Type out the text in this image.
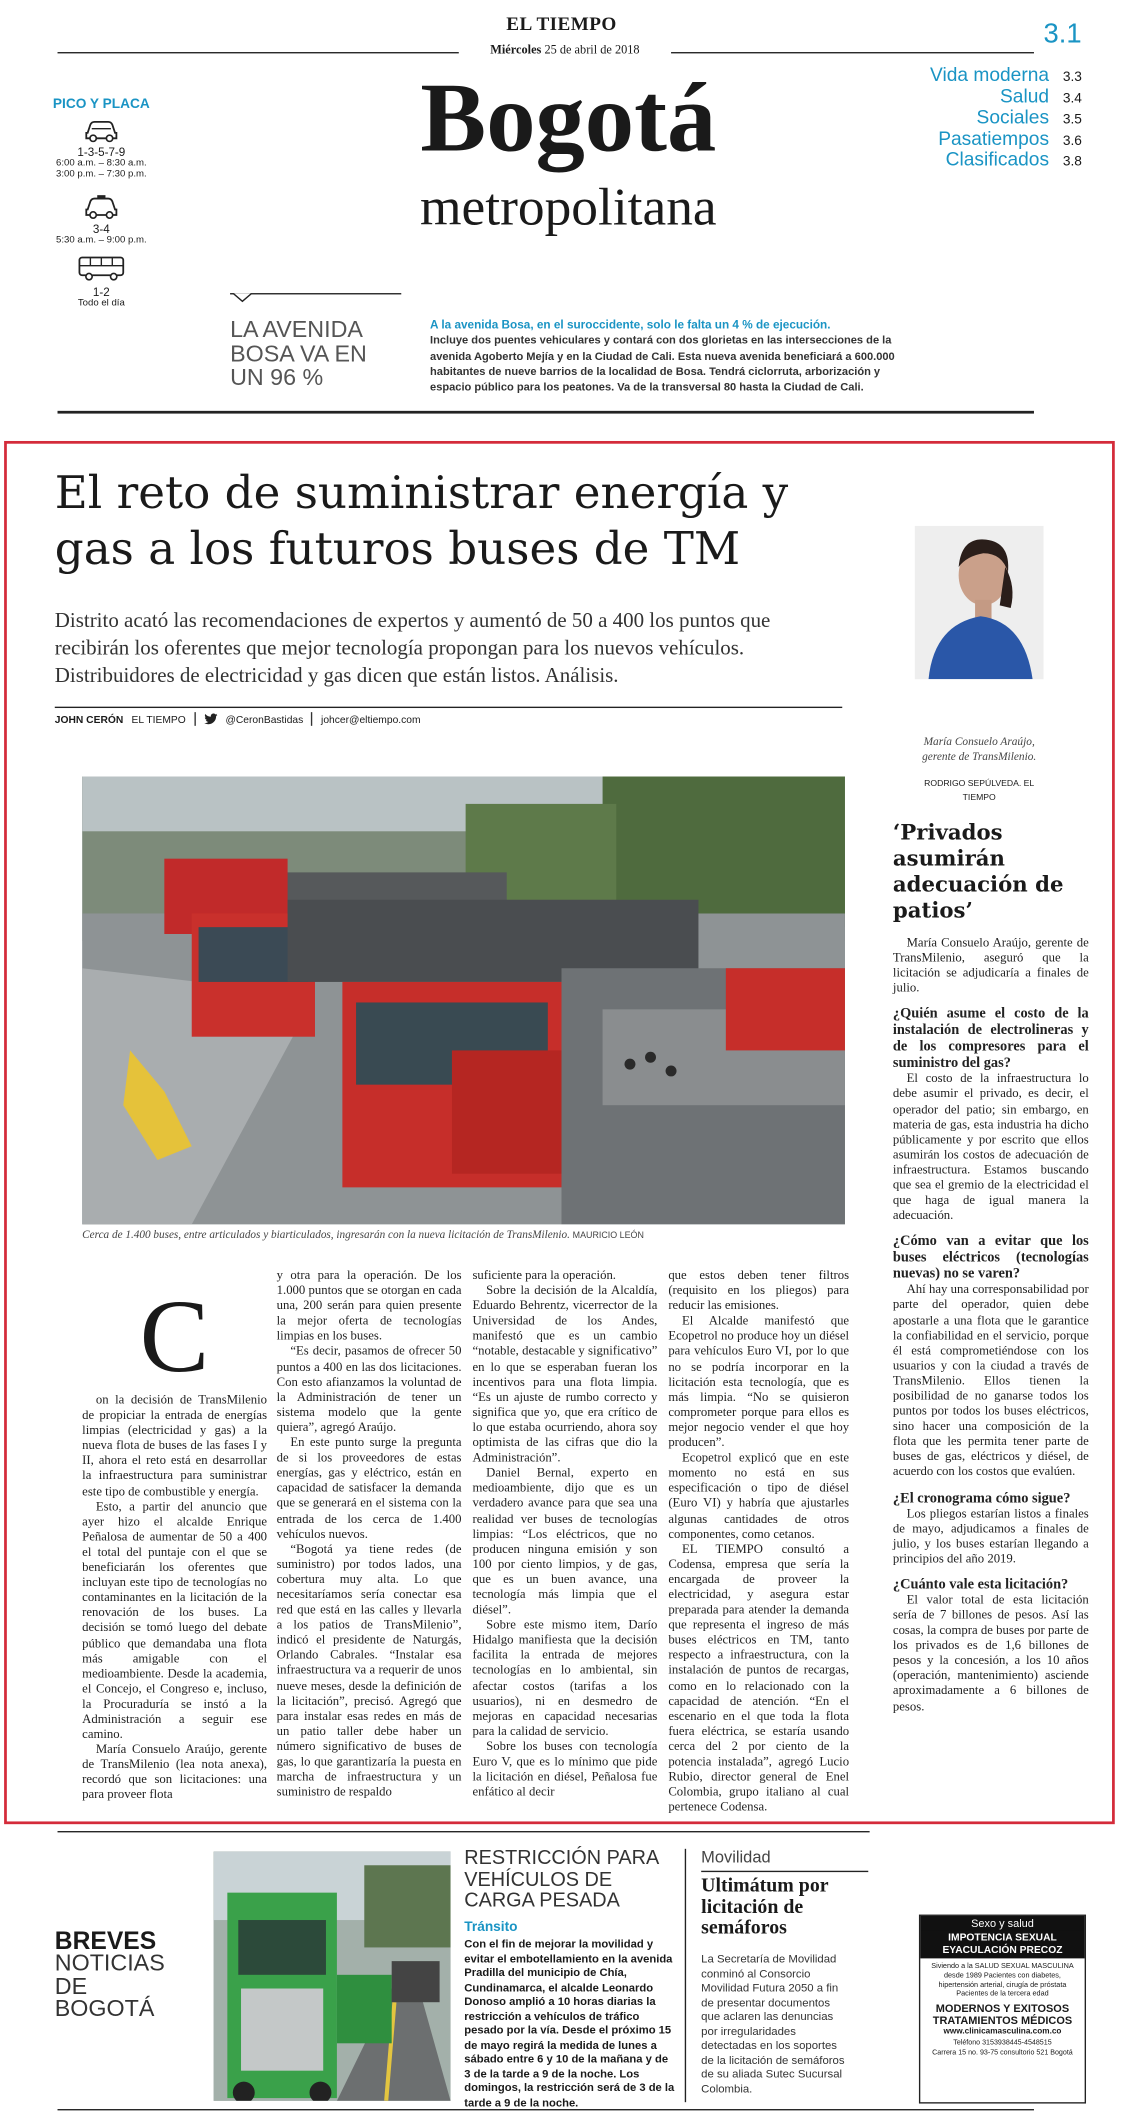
EL TIEMPO
Miércoles 25 de abril de 2018	3.1
Bogotá
metropolitana
PICO Y PLACA
1-3-5-7-9
6:00 a.m. – 8:30 a.m.
3:00 p.m. – 7:30 p.m.
3-4
5:30 a.m. – 9:00 p.m.
1-2
Todo el día
Vida moderna	3.3
Salud	3.4
Sociales	3.5
Pasatiempos	3.6
Clasificados	3.8
LA AVENIDA BOSA VA EN UN 96 %
A la avenida Bosa, en el suroccidente, solo le falta un 4 % de ejecución.
Incluye dos puentes vehiculares y contará con dos glorietas en las intersecciones de la avenida Agoberto Mejía y en la Ciudad de Cali. Esta nueva avenida beneficiará a 600.000 habitantes de nueve barrios de la localidad de Bosa. Tendrá ciclorruta, arborización y espacio público para los peatones. Va de la transversal 80 hasta la Ciudad de Cali.
El reto de suministrar energía y gas a los futuros buses de TM
Distrito acató las recomendaciones de expertos y aumentó de 50 a 400 los puntos que recibirán los oferentes que mejor tecnología propongan para los nuevos vehículos. Distribuidores de electricidad y gas dicen que están listos. Análisis.
JOHN CERÓN EL TIEMPO	@CeronBastidas johcer@eltiempo.com
Cerca de 1.400 buses, entre articulados y biarticulados, ingresarán con la nueva licitación de TransMilenio. MAURICIO LEÓN
C

on la decisión de TransMilenio de propiciar la entrada de energías limpias (electricidad y gas) a la nueva flota de buses de las fases I y II, ahora el reto está en desarrollar la infraestructura para suministrar este tipo de combustible y energía.

Esto, a partir del anuncio que ayer hizo el alcalde Enrique Peñalosa de aumentar de 50 a 400 el total del puntaje con el que se beneficiarán los oferentes que incluyan este tipo de tecnologías no contaminantes en la licitación de la renovación de los buses. La decisión se tomó luego del debate público que demandaba una flota más amigable con el medioambiente. Desde la academia, el Concejo, el Congreso e, incluso, la Procuraduría se instó a la Administración a seguir ese camino.

María Consuelo Araújo, gerente de TransMilenio (lea nota anexa), recordó que son licitaciones: una para proveer flota

y otra para la operación. De los 1.000 puntos que se otorgan en cada una, 200 serán para quien presente la mejor oferta de tecnologías limpias en los buses.

“Es decir, pasamos de ofrecer 50 puntos a 400 en las dos licitaciones. Con esto afianzamos la voluntad de la Administración de tener un sistema modelo que la gente quiera”, agregó Araújo.

En este punto surge la pregunta de si los proveedores de estas energías, gas y eléctrico, están en capacidad de satisfacer la demanda que se generará en el sistema con la entrada de los cerca de 1.400 vehículos nuevos.

“Bogotá ya tiene redes (de suministro) por todos lados, una cobertura muy alta. Lo que necesitaríamos sería conectar esa red que está en las calles y llevarla a los patios de TransMilenio”, indicó el presidente de Naturgás, Orlando Cabrales. “Instalar esa infraestructura va a requerir de unos nueve meses, desde la definición de la licitación”, precisó. Agregó que para instalar esas redes en más de un patio taller debe haber un número significativo de buses de gas, lo que garantizaría la puesta en marcha de infraestructura y un suministro de respaldo

suficiente para la operación.

Sobre la decisión de la Alcaldía, Eduardo Behrentz, vicerrector de la Universidad de los Andes, manifestó que es un cambio “notable, destacable y significativo” en lo que se esperaban fueran los incentivos para una flota limpia. “Es un ajuste de rumbo correcto y significa que yo, que era crítico de lo que estaba ocurriendo, ahora soy optimista de las cifras que dio la Administración”.

Daniel Bernal, experto en medioambiente, dijo que es un verdadero avance para que sea una realidad ver buses de tecnologías limpias: “Los eléctricos, que no producen ninguna emisión y son 100 por ciento limpios, y de gas, que es un buen avance, una tecnología más limpia que el diésel”.

Sobre este mismo item, Darío Hidalgo manifiesta que la decisión facilita la entrada de mejores tecnologías en lo ambiental, sin afectar costos (tarifas a los usuarios), ni en desmedro de mejoras en capacidad necesarias para la calidad de servicio.

Sobre los buses con tecnología Euro V, que es lo mínimo que pide la licitación en diésel, Peñalosa fue enfático al decir

que estos deben tener filtros (requisito en los pliegos) para reducir las emisiones.

El Alcalde manifestó que Ecopetrol no produce hoy un diésel para vehículos Euro VI, por lo que no se podría incorporar en la licitación esta tecnología, que es más limpia. “No se quisieron comprometer porque para ellos es mejor negocio vender el que hoy producen”.

Ecopetrol explicó que en este momento no está en sus especificación o tipo de diésel (Euro VI) y habría que ajustarles algunas cantidades de otros componentes, como cetanos.

EL TIEMPO consultó a Codensa, empresa que sería la encargada de proveer la electricidad, y asegura estar preparada para atender la demanda que representa el ingreso de más buses eléctricos en TM, tanto respecto a infraestructura, con la instalación de puntos de recargas, como en lo relacionado con la capacidad de atención. “En el escenario en el que toda la flota fuera eléctrica, se estaría usando cerca del 2 por ciento de la potencia instalada”, agregó Lucio Rubio, director general de Enel Colombia, grupo italiano al cual pertenece Codensa.

María Consuelo Araújo, gerente de TransMilenio.
RODRIGO SEPÚLVEDA. EL TIEMPO
‘Privados asumirán adecuación de patios’

María Consuelo Araújo, gerente de TransMilenio, aseguró que la licitación se adjudicaría a finales de julio.

¿Quién asume el costo de la instalación de electrolineras y de los compresores para el suministro del gas?

El costo de la infraestructura lo debe asumir el privado, es decir, el operador del patio; sin embargo, en materia de gas, esta industria ha dicho públicamente y por escrito que ellos asumirán los costos de adecuación de infraestructura. Estamos buscando que sea el gremio de la electricidad el que haga de igual manera la adecuación.

¿Cómo van a evitar que los buses eléctricos (tecnologías nuevas) no se varen?

Ahí hay una corresponsabilidad por parte del operador, quien debe apostarle a una flota que le garantice la confiabilidad en el servicio, porque él está comprometiéndose con los usuarios y con la ciudad a través de TransMilenio. Ellos tienen la posibilidad de no ganarse todos los puntos por todos los buses eléctricos, sino hacer una composición de la flota que les permita tener parte de buses de gas, eléctricos y diésel, de acuerdo con los costos que evalúen.

¿El cronograma cómo sigue?

Los pliegos estarían listos a finales de mayo, adjudicamos a finales de julio, y los buses estarían llegando a principios del año 2019.

¿Cuánto vale esta licitación?

El valor total de esta licitación sería de 7 billones de pesos. Así las cosas, la compra de buses por parte de los privados es de 1,6 billones de pesos y la concesión, a los 10 años (operación, mantenimiento) asciende aproximadamente a 6 billones de pesos.

BREVES
NOTICIAS DE BOGOTÁ
RESTRICCIÓN PARA VEHÍCULOS DE CARGA PESADA
Tránsito
Con el fin de mejorar la movilidad y evitar el embotellamiento en la avenida Pradilla del municipio de Chía, Cundinamarca, el alcalde Leonardo Donoso amplió a 10 horas diarias la restricción a vehículos de tráfico pesado por la vía. Desde el próximo 15 de mayo regirá la medida de lunes a sábado entre 6 y 10 de la mañana y de 3 de la tarde a 9 de la noche. Los domingos, la restricción será de 3 de la tarde a 9 de la noche.
Movilidad
Ultimátum por licitación de semáforos
La Secretaría de Movilidad conminó al Consorcio Movilidad Futura 2050 a fin de presentar documentos que aclaren las denuncias por irregularidades detectadas en los soportes de la licitación de semáforos de su aliada Sutec Sucursal Colombia.
Sexo y salud
IMPOTENCIA SEXUAL EYACULACIÓN PRECOZ
Siviendo a la SALUD SEXUAL MASCULINA desde 1989 Pacientes con diabetes, hipertensión arterial, cirugía de próstata Pacientes de la tercera edad
MODERNOS Y EXITOSOS TRATAMIENTOS MÉDICOS
www.clinicamasculina.com.co
Teléfono 3153938445-4548515
Carrera 15 no. 93-75 consultorio 521 Bogotá
